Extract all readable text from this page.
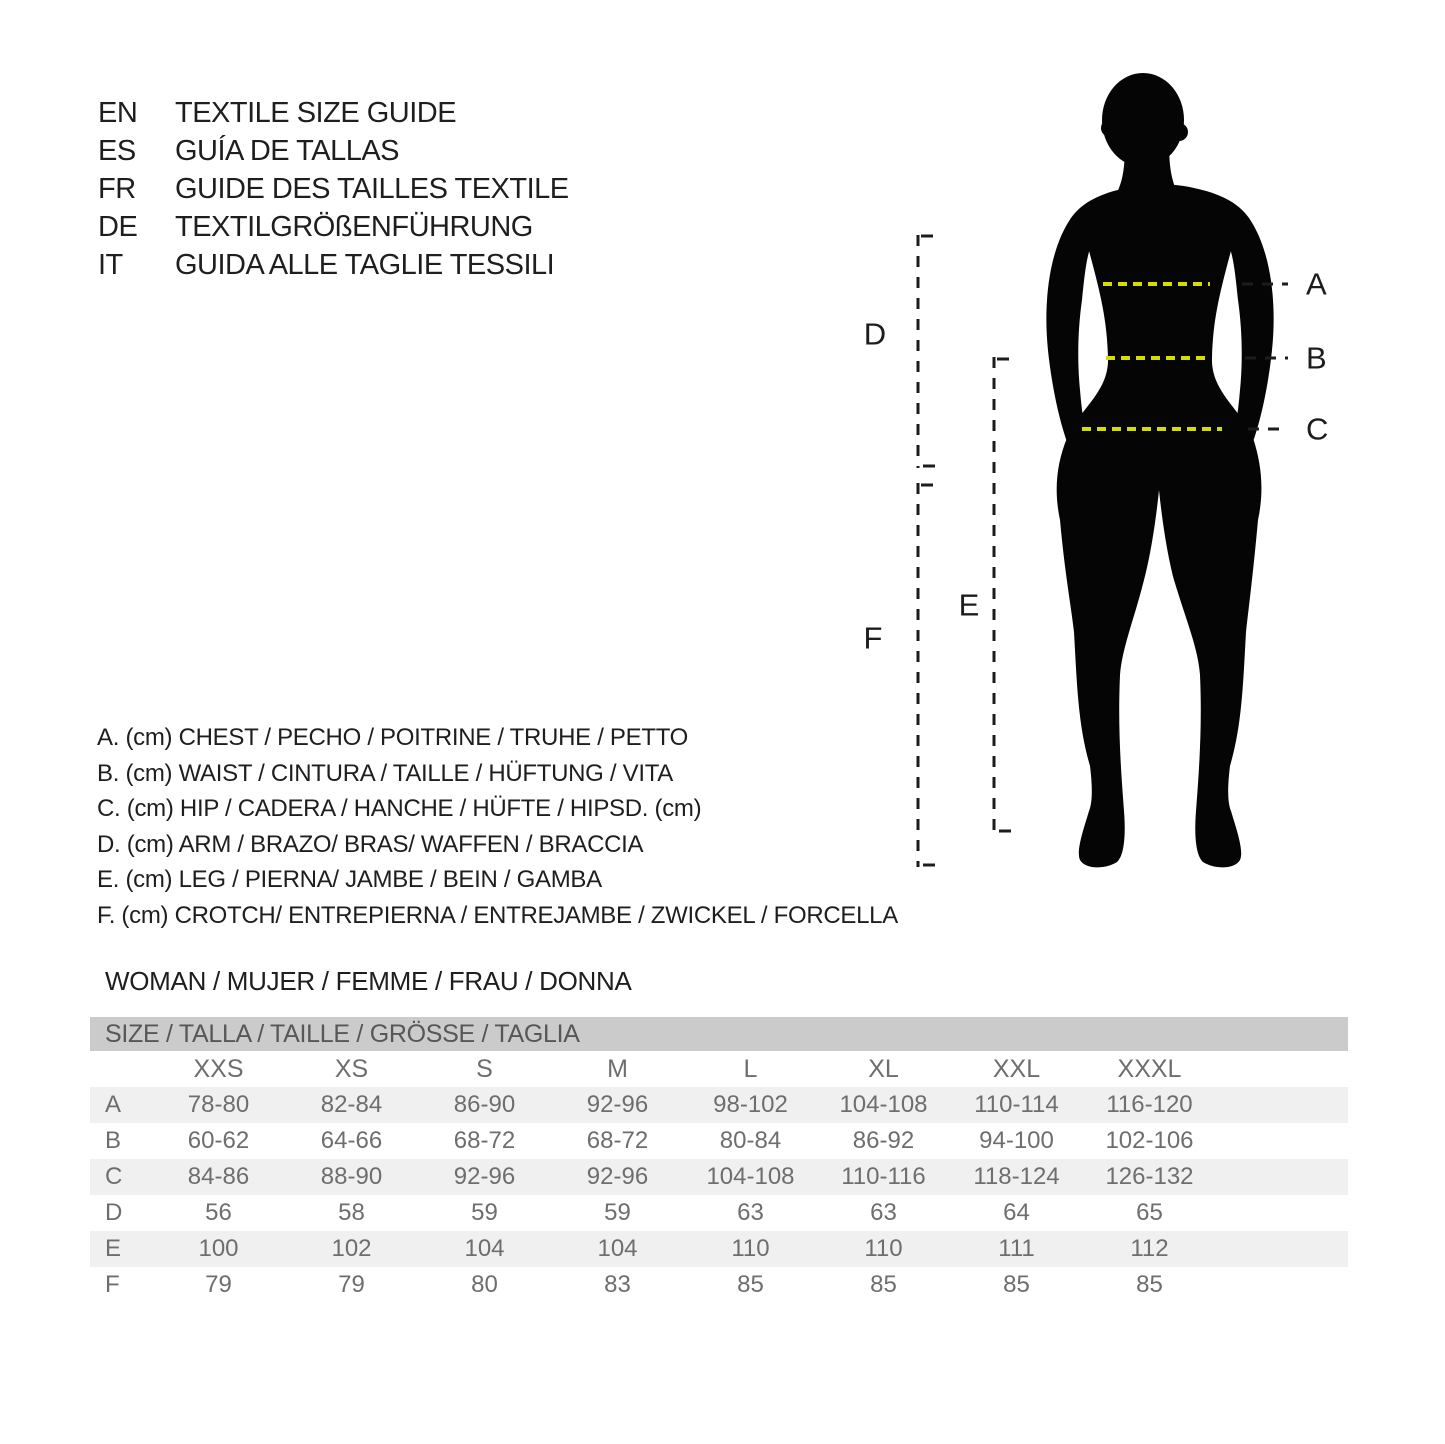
EN	TEXTILE SIZE GUIDE
ES	GUÍA DE TALLAS
FR	GUIDE DES TAILLES TEXTILE
DE	TEXTILGRÖßENFÜHRUNG
IT	GUIDA ALLE TAGLIE TESSILI
A. (cm) CHEST / PECHO / POITRINE / TRUHE / PETTO
B. (cm) WAIST / CINTURA / TAILLE / HÜFTUNG / VITA
C. (cm) HIP / CADERA / HANCHE / HÜFTE / HIPSD. (cm)
D. (cm) ARM / BRAZO/ BRAS/ WAFFEN / BRACCIA
E. (cm) LEG / PIERNA/ JAMBE / BEIN / GAMBA
F. (cm) CROTCH/ ENTREPIERNA / ENTREJAMBE / ZWICKEL / FORCELLA
WOMAN / MUJER / FEMME / FRAU / DONNA
A
B
C
D
E
F
SIZE / TALLA / TAILLE / GRÖSSE / TAGLIA
XXS	XS	S	M	L	XL	XXL	XXXL
A	78-80	82-84	86-90	92-96	98-102	104-108	110-114	116-120
B	60-62	64-66	68-72	68-72	80-84	86-92	94-100	102-106
C	84-86	88-90	92-96	92-96	104-108	110-116	118-124	126-132
D	56	58	59	59	63	63	64	65
E	100	102	104	104	110	110	111	112
F	79	79	80	83	85	85	85	85
